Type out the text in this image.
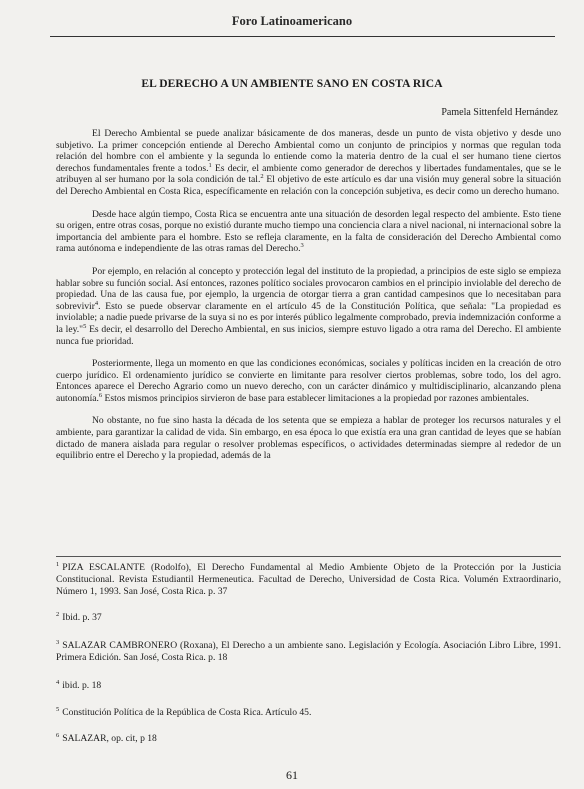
Foro Latinoamericano
EL DERECHO A UN AMBIENTE SANO EN COSTA RICA
Pamela Sittenfeld Hernández

El Derecho Ambiental se puede analizar básicamente de dos maneras, desde un punto de vista objetivo y desde uno subjetivo. La primer concepción entiende al Derecho Ambiental como un conjunto de principios y normas que regulan toda relación del hombre con el ambiente y la segunda lo entiende como la materia dentro de la cual el ser humano tiene ciertos derechos fundamentales frente a todos.$^1$ Es decir, el ambiente como generador de derechos y libertades fundamentales, que se le atribuyen al ser humano por la sola condición de tal.$^2$ El objetivo de este artículo es dar una visión muy general sobre la situación del Derecho Ambiental en Costa Rica, específicamente en relación con la concepción subjetiva, es decir como un derecho humano.

Desde hace algún tiempo, Costa Rica se encuentra ante una situación de desorden legal respecto del ambiente. Esto tiene su origen, entre otras cosas, porque no existió durante mucho tiempo una conciencia clara a nivel nacional, ni internacional sobre la importancia del ambiente para el hombre. Esto se refleja claramente, en la falta de consideración del Derecho Ambiental como rama autónoma e independiente de las otras ramas del Derecho.$^3$

Por ejemplo, en relación al concepto y protección legal del instituto de la propiedad, a principios de este siglo se empieza hablar sobre su función social. Así entonces, razones político sociales provocaron cambios en el principio inviolable del derecho de propiedad. Una de las causa fue, por ejemplo, la urgencia de otorgar tierra a gran cantidad campesinos que lo necesitaban para sobrevivir$^4$. Esto se puede observar claramente en el artículo 45 de la Constitución Política, que señala: "La propiedad es inviolable; a nadie puede privarse de la suya si no es por interés público legalmente comprobado, previa indemnización conforme a la ley."$^5$ Es decir, el desarrollo del Derecho Ambiental, en sus inicios, siempre estuvo ligado a otra rama del Derecho. El ambiente nunca fue prioridad.

Posteriormente, llega un momento en que las condiciones económicas, sociales y políticas inciden en la creación de otro cuerpo jurídico. El ordenamiento jurídico se convierte en limitante para resolver ciertos problemas, sobre todo, los del agro. Entonces aparece el Derecho Agrario como un nuevo derecho, con un carácter dinámico y multidisciplinario, alcanzando plena autonomía.$^6$ Estos mismos principios sirvieron de base para establecer limitaciones a la propiedad por razones ambientales.

No obstante, no fue sino hasta la década de los setenta que se empieza a hablar de proteger los recursos naturales y el ambiente, para garantizar la calidad de vida. Sin embargo, en esa época lo que existía era una gran cantidad de leyes que se habían dictado de manera aislada para regular o resolver problemas específicos, o actividades determinadas siempre al rededor de un equilibrio entre el Derecho y la propiedad, además de la

$^1$ PIZA ESCALANTE (Rodolfo), El Derecho Fundamental al Medio Ambiente Objeto de la Protección por la Justicia Constitucional. Revista Estudiantil Hermeneutica. Facultad de Derecho, Universidad de Costa Rica. Volumén Extraordinario, Número 1, 1993. San José, Costa Rica. p. 37

$^2$ Ibid. p. 37

$^3$ SALAZAR CAMBRONERO (Roxana), El Derecho a un ambiente sano. Legislación y Ecología. Asociación Libro Libre, 1991. Primera Edición. San José, Costa Rica. p. 18

$^4$ ibid. p. 18

$^5$ Constitución Política de la República de Costa Rica. Artículo 45.

$^6$ SALAZAR, op. cit, p 18

61
